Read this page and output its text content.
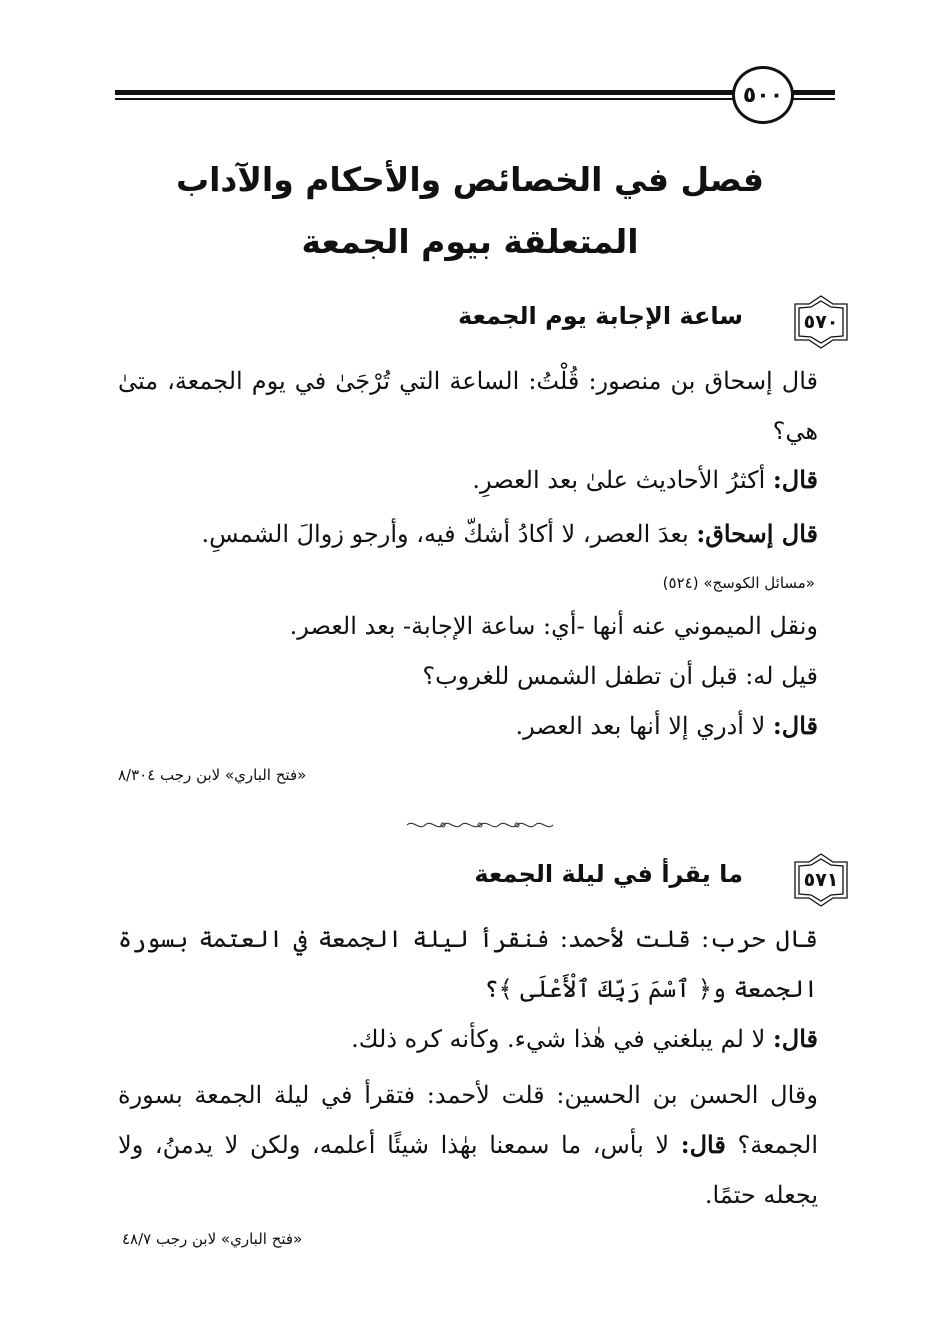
٥٠٠
فصل في الخصائص والأحكام والآداب
المتعلقة بيوم الجمعة
٥٧٠
ساعة الإجابة يوم الجمعة
قال إسحاق بن منصور: قُلْتُ: الساعة التي تُرْجَىٰ في يوم الجمعة، متىٰ هي؟
قال: أكثرُ الأحاديث علىٰ بعد العصرِ.
قال إسحاق: بعدَ العصر، لا أكادُ أشكّ فيه، وأرجو زوالَ الشمسِ.
«مسائل الكوسج» (٥٢٤)
ونقل الميموني عنه أنها -أي: ساعة الإجابة- بعد العصر.
قيل له: قبل أن تطفل الشمس للغروب؟
قال: لا أدري إلا أنها بعد العصر.
«فتح الباري» لابن رجب ٨/٣٠٤
٥٧١
ما يقرأ في ليلة الجمعة
قال حرب: قلت لأحمد: فنقرأ ليلة الجمعة في العتمة بسورة الجمعة و﴿ ٱسْمَ رَبِّكَ ٱلْأَعْلَى ﴾؟
قال: لا لم يبلغني في هٰذا شيء. وكأنه كره ذلك.
وقال الحسن بن الحسين: قلت لأحمد: فتقرأ في ليلة الجمعة بسورة الجمعة؟ قال: لا بأس، ما سمعنا بهٰذا شيئًا أعلمه، ولكن لا يدمنُ، ولا يجعله حتمًا.
«فتح الباري» لابن رجب ٤٨/٧
